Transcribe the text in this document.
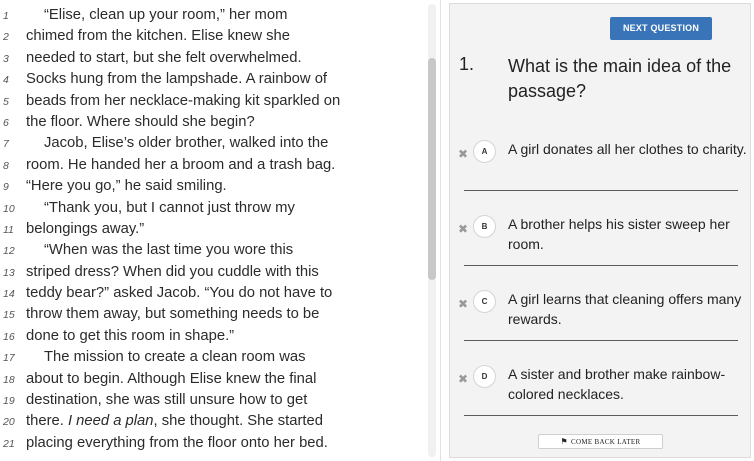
1	“Elise, clean up your room,” her mom
2	chimed from the kitchen. Elise knew she
3	needed to start, but she felt overwhelmed.
4	Socks hung from the lampshade. A rainbow of
5	beads from her necklace-making kit sparkled on
6	the floor. Where should she begin?
7	Jacob, Elise’s older brother, walked into the
8	room. He handed her a broom and a trash bag.
9	“Here you go,” he said smiling.
10	“Thank you, but I cannot just throw my
11 belongings away.”
12	“When was the last time you wore this
13 striped dress? When did you cuddle with this
14 teddy bear?” asked Jacob. “You do not have to
15 throw them away, but something needs to be
16 done to get this room in shape.”
17	The mission to create a clean room was
18 about to begin. Although Elise knew the final
19 destination, she was still unsure how to get
20 there. I need a plan, she thought. She started
21 placing everything from the floor onto her bed.
NEXT QUESTION
1. What is the main idea of the passage?
✖	A	A girl donates all her clothes to charity.
✖	B	A brother helps his sister sweep her room.
✖	C	A girl learns that cleaning offers many rewards.
✖	D	A sister and brother make rainbow-colored necklaces.
⚑ COME BACK LATER
